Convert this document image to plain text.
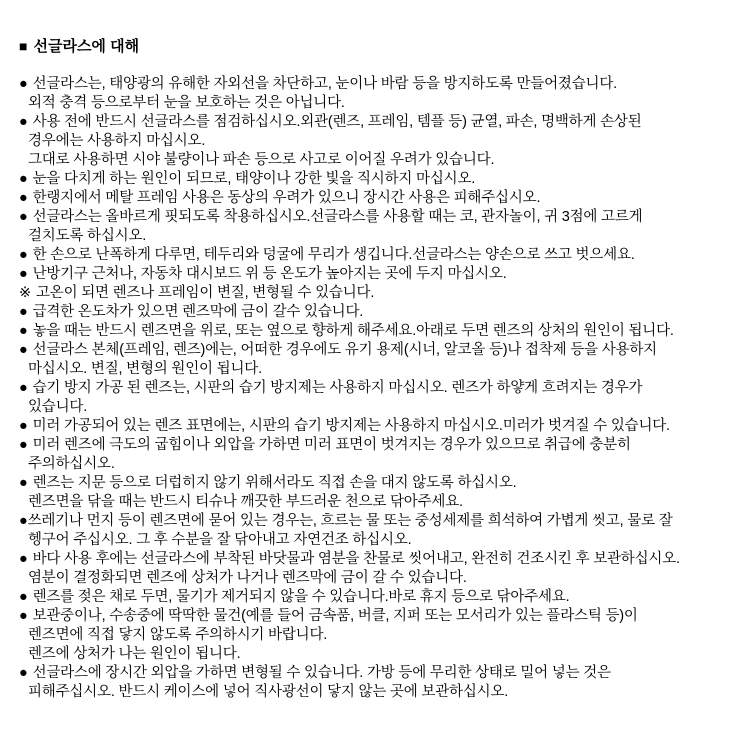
■ 선글라스에 대해
● 선글라스는, 태양광의 유해한 자외선을 차단하고, 눈이나 바람 등을 방지하도록 만들어졌습니다.
외적 충격 등으로부터 눈을 보호하는 것은 아닙니다.
● 사용 전에 반드시 선글라스를 점검하십시오.외관(렌즈, 프레임, 템플 등) 균열, 파손, 명백하게 손상된
경우에는 사용하지 마십시오.
그대로 사용하면 시야 불량이나 파손 등으로 사고로 이어질 우려가 있습니다.
● 눈을 다치게 하는 원인이 되므로, 태양이나 강한 빛을 직시하지 마십시오.
● 한랭지에서 메탈 프레임 사용은 동상의 우려가 있으니 장시간 사용은 피해주십시오.
● 선글라스는 올바르게 핏되도록 착용하십시오.선글라스를 사용할 때는 코, 관자놀이, 귀 3점에 고르게
걸치도록 하십시오.
● 한 손으로 난폭하게 다루면, 테두리와 덩굴에 무리가 생깁니다.선글라스는 양손으로 쓰고 벗으세요.
● 난방기구 근처나, 자동차 대시보드 위 등 온도가 높아지는 곳에 두지 마십시오.
※ 고온이 되면 렌즈나 프레임이 변질, 변형될 수 있습니다.
● 급격한 온도차가 있으면 렌즈막에 금이 갈수 있습니다.
● 놓을 때는 반드시 렌즈면을 위로, 또는 옆으로 향하게 해주세요.아래로 두면 렌즈의 상처의 원인이 됩니다.
● 선글라스 본체(프레임, 렌즈)에는, 어떠한 경우에도 유기 용제(시너, 알코올 등)나 접착제 등을 사용하지
마십시오. 변질, 변형의 원인이 됩니다.
● 습기 방지 가공 된 렌즈는, 시판의 습기 방지제는 사용하지 마십시오. 렌즈가 하얗게 흐려지는 경우가
있습니다.
● 미러 가공되어 있는 렌즈 표면에는, 시판의 습기 방지제는 사용하지 마십시오.미러가 벗겨질 수 있습니다.
● 미러 렌즈에 극도의 굽힘이나 외압을 가하면 미러 표면이 벗겨지는 경우가 있으므로 취급에 충분히
주의하십시오.
● 렌즈는 지문 등으로 더럽히지 않기 위해서라도 직접 손을 대지 않도록 하십시오.
렌즈면을 닦을 때는 반드시 티슈나 깨끗한 부드러운 천으로 닦아주세요.
● 쓰레기나 먼지 등이 렌즈면에 묻어 있는 경우는, 흐르는 물 또는 중성세제를 희석하여 가볍게 씻고, 물로 잘
헹구어 주십시오. 그 후 수분을 잘 닦아내고 자연건조 하십시오.
● 바다 사용 후에는 선글라스에 부착된 바닷물과 염분을 찬물로 씻어내고, 완전히 건조시킨 후 보관하십시오.
염분이 결정화되면 렌즈에 상처가 나거나 렌즈막에 금이 갈 수 있습니다.
● 렌즈를 젖은 채로 두면, 물기가 제거되지 않을 수 있습니다.바로 휴지 등으로 닦아주세요.
● 보관중이나, 수송중에 딱딱한 물건(예를 들어 금속품, 버클, 지퍼 또는 모서리가 있는 플라스틱 등)이
렌즈면에 직접 닿지 않도록 주의하시기 바랍니다.
렌즈에 상처가 나는 원인이 됩니다.
● 선글라스에 장시간 외압을 가하면 변형될 수 있습니다. 가방 등에 무리한 상태로 밀어 넣는 것은
피해주십시오. 반드시 케이스에 넣어 직사광선이 닿지 않는 곳에 보관하십시오.
